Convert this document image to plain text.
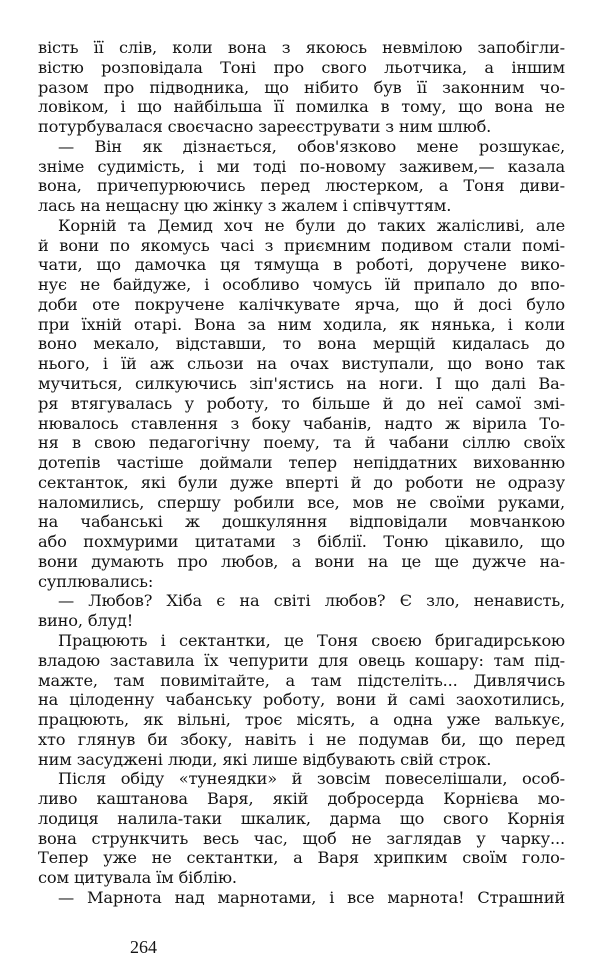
вість її слів, коли вона з якоюсь невмілою запобігли-
вістю розповідала Тоні про свого льотчика, а іншим
разом про підводника, що нібито був її законним чо-
ловіком, і що найбільша її помилка в тому, що вона не
потурбувалася своєчасно зареєструвати з ним шлюб.
— Він як дізнається, обов'язково мене розшукає,
зніме судимість, і ми тоді по-новому заживем,— казала
вона, причепурюючись перед люстерком, а Тоня диви-
лась на нещасну цю жінку з жалем і співчуттям.
Корній та Демид хоч не були до таких жалісливі, але
й вони по якомусь часі з приємним подивом стали помі-
чати, що дамочка ця тямуща в роботі, доручене вико-
нує не байдуже, і особливо чомусь їй припало до впо-
доби оте покручене калічкувате ярча, що й досі було
при їхній отарі. Вона за ним ходила, як нянька, і коли
воно мекало, відставши, то вона мерщій кидалась до
нього, і їй аж сльози на очах виступали, що воно так
мучиться, силкуючись зіп'ястись на ноги. І що далі Ва-
ря втягувалась у роботу, то більше й до неї самої змі-
нювалось ставлення з боку чабанів, надто ж вірила То-
ня в свою педагогічну поему, та й чабани сіллю своїх
дотепів частіше доймали тепер непіддатних вихованню
сектанток, які були дуже вперті й до роботи не одразу
наломились, спершу робили все, мов не своїми руками,
на чабанські ж дошкуляння відповідали мовчанкою
або похмурими цитатами з біблії. Тоню цікавило, що
вони думають про любов, а вони на це ще дужче на-
суплювались:
— Любов? Хіба є на світі любов? Є зло, ненависть,
вино, блуд!
Працюють і сектантки, це Тоня своєю бригадирською
владою заставила їх чепурити для овець кошару: там під-
мажте, там повимітайте, а там підстеліть... Дивлячись
на цілоденну чабанську роботу, вони й самі заохотились,
працюють, як вільні, троє місять, а одна уже валькує,
хто глянув би збоку, навіть і не подумав би, що перед
ним засуджені люди, які лише відбувають свій строк.
Після обіду «тунеядки» й зовсім повеселішали, особ-
ливо каштанова Варя, якій добросерда Корнієва мо-
лодиця налила-таки шкалик, дарма що свого Корнія
вона стрункчить весь час, щоб не заглядав у чарку...
Тепер уже не сектантки, а Варя хрипким своїм голо-
сом цитувала їм біблію.
— Марнота над марнотами, і все марнота! Страшний
264
